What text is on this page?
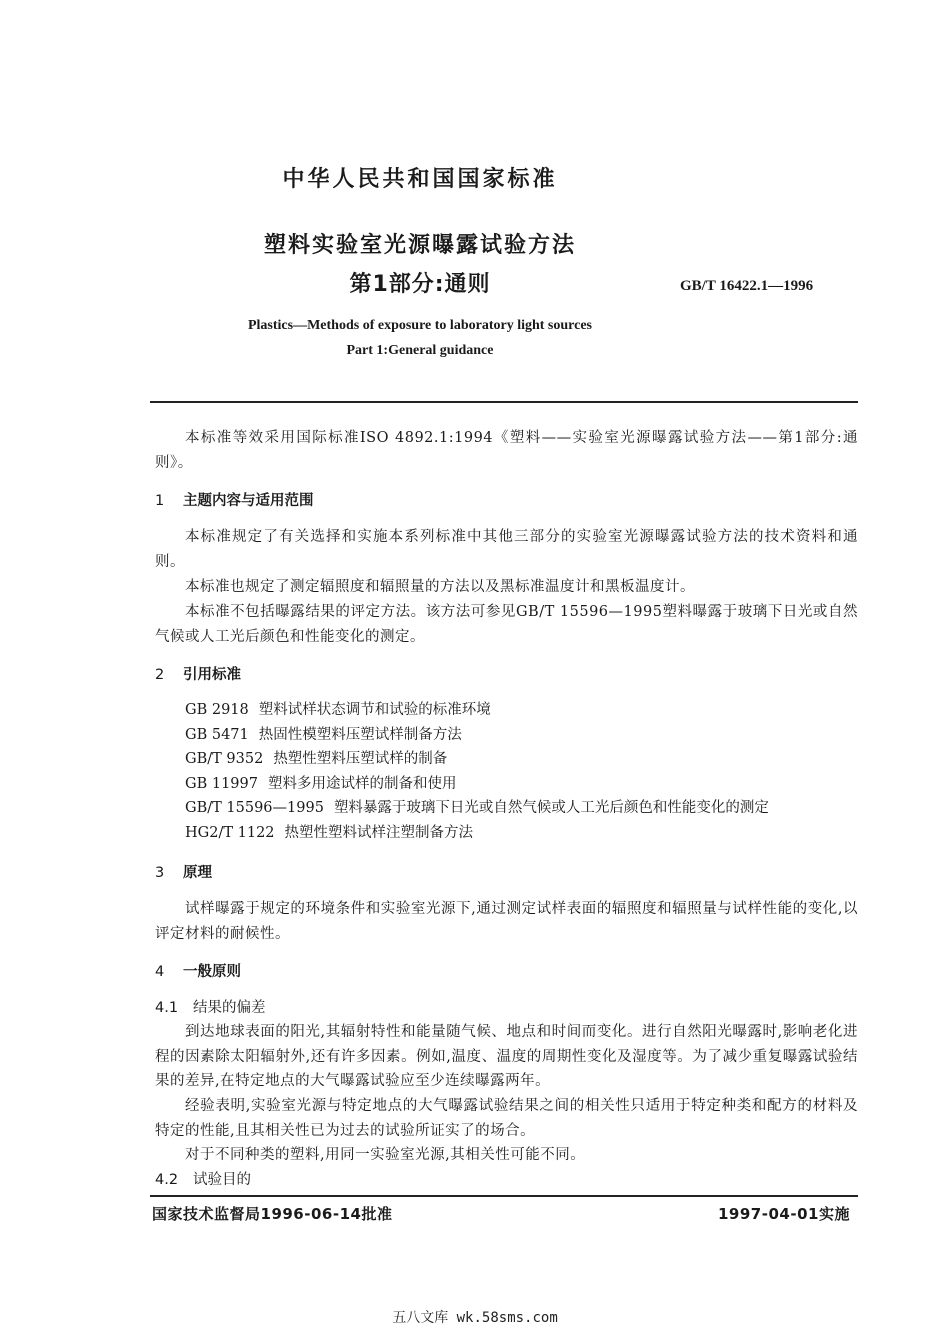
中华人民共和国国家标准
塑料实验室光源曝露试验方法
第1部分:通则	GB/T 16422.1—1996
Plastics—Methods of exposure to laboratory light sources
Part 1:General guidance
本标准等效采用国际标准ISO 4892.1:1994《塑料——实验室光源曝露试验方法——第1部分:通则》。
1 主题内容与适用范围
本标准规定了有关选择和实施本系列标准中其他三部分的实验室光源曝露试验方法的技术资料和通则。
本标准也规定了测定辐照度和辐照量的方法以及黑标准温度计和黑板温度计。
本标准不包括曝露结果的评定方法。该方法可参见GB/T 15596—1995塑料曝露于玻璃下日光或自然气候或人工光后颜色和性能变化的测定。
2 引用标准
GB 2918 塑料试样状态调节和试验的标准环境
GB 5471 热固性模塑料压塑试样制备方法
GB/T 9352 热塑性塑料压塑试样的制备
GB 11997 塑料多用途试样的制备和使用
GB/T 15596—1995 塑料暴露于玻璃下日光或自然气候或人工光后颜色和性能变化的测定
HG2/T 1122 热塑性塑料试样注塑制备方法
3 原理
试样曝露于规定的环境条件和实验室光源下,通过测定试样表面的辐照度和辐照量与试样性能的变化,以评定材料的耐候性。
4 一般原则
4.1 结果的偏差
到达地球表面的阳光,其辐射特性和能量随气候、地点和时间而变化。进行自然阳光曝露时,影响老化进程的因素除太阳辐射外,还有许多因素。例如,温度、温度的周期性变化及湿度等。为了减少重复曝露试验结果的差异,在特定地点的大气曝露试验应至少连续曝露两年。
经验表明,实验室光源与特定地点的大气曝露试验结果之间的相关性只适用于特定种类和配方的材料及特定的性能,且其相关性已为过去的试验所证实了的场合。
对于不同种类的塑料,用同一实验室光源,其相关性可能不同。
4.2 试验目的
国家技术监督局1996-06-14批准	1997-04-01实施
五八文库 wk.58sms.com
